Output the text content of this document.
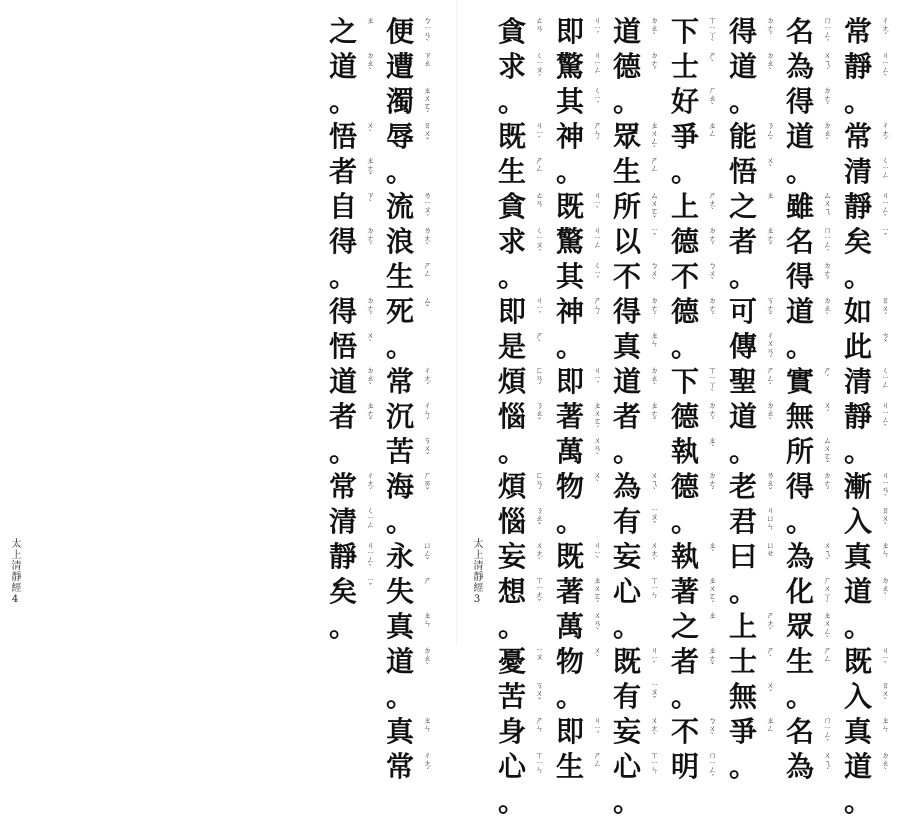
太上清靜經
4
便	ㄅㄧㄢˋ
遭	ㄗㄠ
濁	ㄓㄨㄛˊ
辱	ㄖㄨˇ
。
流	ㄌㄧㄡˊ
浪	ㄌㄤˋ
生	ㄕㄥ
死	ㄙˇ
。
常	ㄔㄤˊ
沉	ㄔㄣˊ
苦	ㄎㄨˇ
海	ㄏㄞˇ
。
永	ㄩㄥˇ
失	ㄕ
真	ㄓㄣ
道	ㄉㄠˋ
。
真	ㄓㄣ
常	ㄔㄤˊ
之	ㄓ
道	ㄉㄠˋ
。
悟	ㄨˋ
者	ㄓㄜˇ
自	ㄗˋ
得	ㄉㄜˊ
。
得	ㄉㄜˊ
悟	ㄨˋ
道	ㄉㄠˋ
者	ㄓㄜˇ
。
常	ㄔㄤˊ
清	ㄑㄧㄥ
靜	ㄐㄧㄥˋ
矣	ㄧˇ
。
太上清靜經
3
常	ㄔㄤˊ
靜	ㄐㄧㄥˋ
。
常	ㄔㄤˊ
清	ㄑㄧㄥ
靜	ㄐㄧㄥˋ
矣	ㄧˇ
。
如	ㄖㄨˊ
此	ㄘˇ
清	ㄑㄧㄥ
靜	ㄐㄧㄥˋ
。
漸	ㄐㄧㄢˋ
入	ㄖㄨˋ
真	ㄓㄣ
道	ㄉㄠˋ
。
既	ㄐㄧˋ
入	ㄖㄨˋ
真	ㄓㄣ
道	ㄉㄠˋ
。
名	ㄇㄧㄥˊ
為	ㄨㄟˊ
得	ㄉㄜˊ
道	ㄉㄠˋ
。
雖	ㄙㄨㄟ
名	ㄇㄧㄥˊ
得	ㄉㄜˊ
道	ㄉㄠˋ
。
實	ㄕˊ
無	ㄨˊ
所	ㄙㄨㄛˇ
得	ㄉㄜˊ
。
為	ㄨㄟˋ
化	ㄏㄨㄚˋ
眾	ㄓㄨㄥˋ
生	ㄕㄥ
。
名	ㄇㄧㄥˊ
為	ㄨㄟˊ
得	ㄉㄜˊ
道	ㄉㄠˋ
。
能	ㄋㄥˊ
悟	ㄨˋ
之	ㄓ
者	ㄓㄜˇ
。
可	ㄎㄜˇ
傳	ㄔㄨㄢˊ
聖	ㄕㄥˋ
道	ㄉㄠˋ
。
老	ㄌㄠˇ
君	ㄐㄩㄣ
曰	ㄩㄝ
。
上	ㄕㄤˋ
士	ㄕˋ
無	ㄨˊ
爭	ㄓㄥ
。
下	ㄒㄧㄚˋ
士	ㄕˋ
好	ㄏㄠˋ
爭	ㄓㄥ
。
上	ㄕㄤˋ
德	ㄉㄜˊ
不	ㄅㄨˋ
德	ㄉㄜˊ
。
下	ㄒㄧㄚˋ
德	ㄉㄜˊ
執	ㄓˊ
德	ㄉㄜˊ
。
執	ㄓˊ
著	ㄓㄨㄛˊ
之	ㄓ
者	ㄓㄜˇ
。
不	ㄅㄨˋ
明	ㄇㄧㄥˊ
道	ㄉㄠˋ
德	ㄉㄜˊ
。
眾	ㄓㄨㄥˋ
生	ㄕㄥ
所	ㄙㄨㄛˇ
以	ㄧˇ
不	ㄅㄨˋ
得	ㄉㄜˊ
真	ㄓㄣ
道	ㄉㄠˋ
者	ㄓㄜˇ
。
為	ㄨㄟˋ
有	ㄧㄡˇ
妄	ㄨㄤˋ
心	ㄒㄧㄣ
。
既	ㄐㄧˋ
有	ㄧㄡˇ
妄	ㄨㄤˋ
心	ㄒㄧㄣ
。
即	ㄐㄧˊ
驚	ㄐㄧㄥ
其	ㄑㄧˊ
神	ㄕㄣˊ
。
既	ㄐㄧˋ
驚	ㄐㄧㄥ
其	ㄑㄧˊ
神	ㄕㄣˊ
。
即	ㄐㄧˊ
著	ㄓㄨㄛˊ
萬	ㄨㄢˋ
物	ㄨˋ
。
既	ㄐㄧˋ
著	ㄓㄨㄛˊ
萬	ㄨㄢˋ
物	ㄨˋ
。
即	ㄐㄧˊ
生	ㄕㄥ
貪	ㄊㄢ
求	ㄑㄧㄡˊ
。
既	ㄐㄧˋ
生	ㄕㄥ
貪	ㄊㄢ
求	ㄑㄧㄡˊ
。
即	ㄐㄧˊ
是	ㄕˋ
煩	ㄈㄢˊ
惱	ㄋㄠˇ
。
煩	ㄈㄢˊ
惱	ㄋㄠˇ
妄	ㄨㄤˋ
想	ㄒㄧㄤˇ
。
憂	ㄧㄡ
苦	ㄎㄨˇ
身	ㄕㄣ
心	ㄒㄧㄣ
。
